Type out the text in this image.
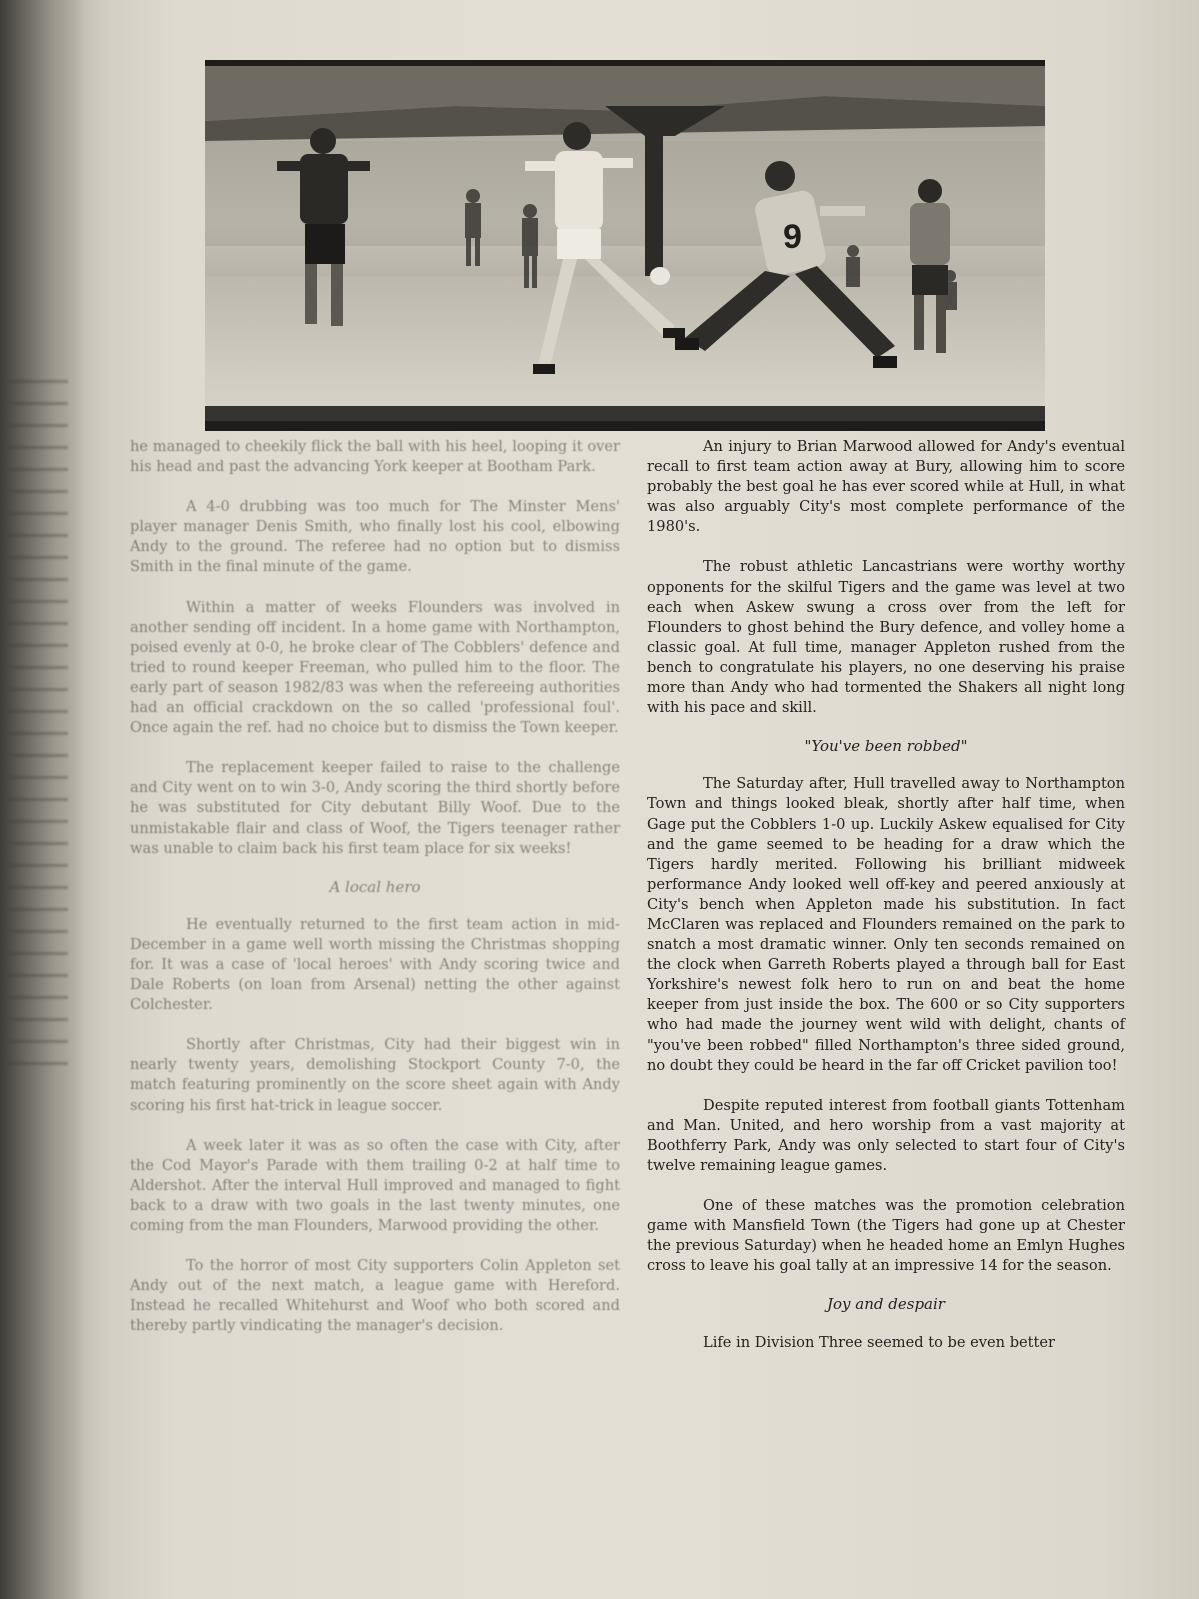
9

he managed to cheekily flick the ball with his heel, looping it over his head and past the advancing York keeper at Bootham Park.

A 4-0 drubbing was too much for The Minster Mens' player manager Denis Smith, who finally lost his cool, elbowing Andy to the ground. The referee had no option but to dismiss Smith in the final minute of the game.

Within a matter of weeks Flounders was involved in another sending off incident. In a home game with Northampton, poised evenly at 0-0, he broke clear of The Cobblers' defence and tried to round keeper Freeman, who pulled him to the floor. The early part of season 1982/83 was when the refereeing authorities had an official crackdown on the so called 'professional foul'. Once again the ref. had no choice but to dismiss the Town keeper.

The replacement keeper failed to raise to the challenge and City went on to win 3-0, Andy scoring the third shortly before he was substituted for City debutant Billy Woof. Due to the unmistakable flair and class of Woof, the Tigers teenager rather was unable to claim back his first team place for six weeks!

A local hero

He eventually returned to the first team action in mid-December in a game well worth missing the Christmas shopping for. It was a case of 'local heroes' with Andy scoring twice and Dale Roberts (on loan from Arsenal) netting the other against Colchester.

Shortly after Christmas, City had their biggest win in nearly twenty years, demolishing Stockport County 7-0, the match featuring prominently on the score sheet again with Andy scoring his first hat-trick in league soccer.

A week later it was as so often the case with City, after the Cod Mayor's Parade with them trailing 0-2 at half time to Aldershot. After the interval Hull improved and managed to fight back to a draw with two goals in the last twenty minutes, one coming from the man Flounders, Marwood providing the other.

To the horror of most City supporters Colin Appleton set Andy out of the next match, a league game with Hereford. Instead he recalled Whitehurst and Woof who both scored and thereby partly vindicating the manager's decision.

An injury to Brian Marwood allowed for Andy's eventual recall to first team action away at Bury, allowing him to score probably the best goal he has ever scored while at Hull, in what was also arguably City's most complete performance of the 1980's.

The robust athletic Lancastrians were worthy worthy opponents for the skilful Tigers and the game was level at two each when Askew swung a cross over from the left for Flounders to ghost behind the Bury defence, and volley home a classic goal. At full time, manager Appleton rushed from the bench to congratulate his players, no one deserving his praise more than Andy who had tormented the Shakers all night long with his pace and skill.

"You've been robbed"

The Saturday after, Hull travelled away to Northampton Town and things looked bleak, shortly after half time, when Gage put the Cobblers 1-0 up. Luckily Askew equalised for City and the game seemed to be heading for a draw which the Tigers hardly merited. Following his brilliant midweek performance Andy looked well off-key and peered anxiously at City's bench when Appleton made his substitution. In fact McClaren was replaced and Flounders remained on the park to snatch a most dramatic winner. Only ten seconds remained on the clock when Garreth Roberts played a through ball for East Yorkshire's newest folk hero to run on and beat the home keeper from just inside the box. The 600 or so City supporters who had made the journey went wild with delight, chants of "you've been robbed" filled Northampton's three sided ground, no doubt they could be heard in the far off Cricket pavilion too!

Despite reputed interest from football giants Tottenham and Man. United, and hero worship from a vast majority at Boothferry Park, Andy was only selected to start four of City's twelve remaining league games.

One of these matches was the promotion celebration game with Mansfield Town (the Tigers had gone up at Chester the previous Saturday) when he headed home an Emlyn Hughes cross to leave his goal tally at an impressive 14 for the season.

Joy and despair

Life in Division Three seemed to be even better
